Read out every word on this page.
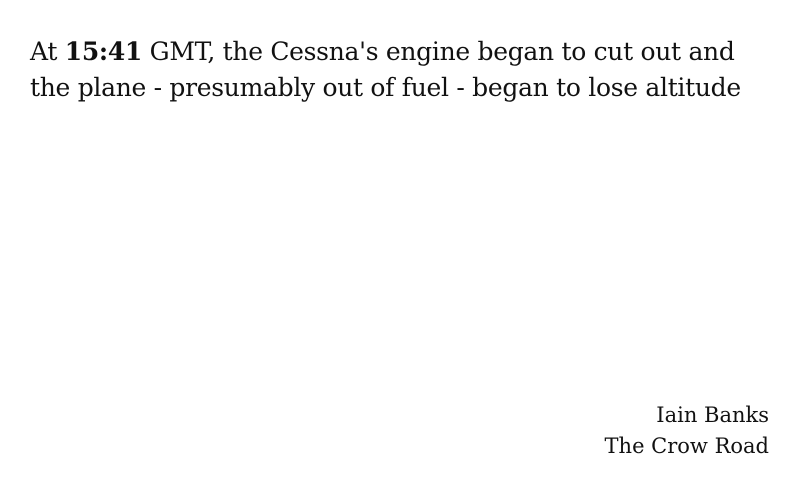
At 15:41 GMT, the Cessna's engine began to cut out and the plane - presumably out of fuel - began to lose altitude
Iain Banks
The Crow Road
